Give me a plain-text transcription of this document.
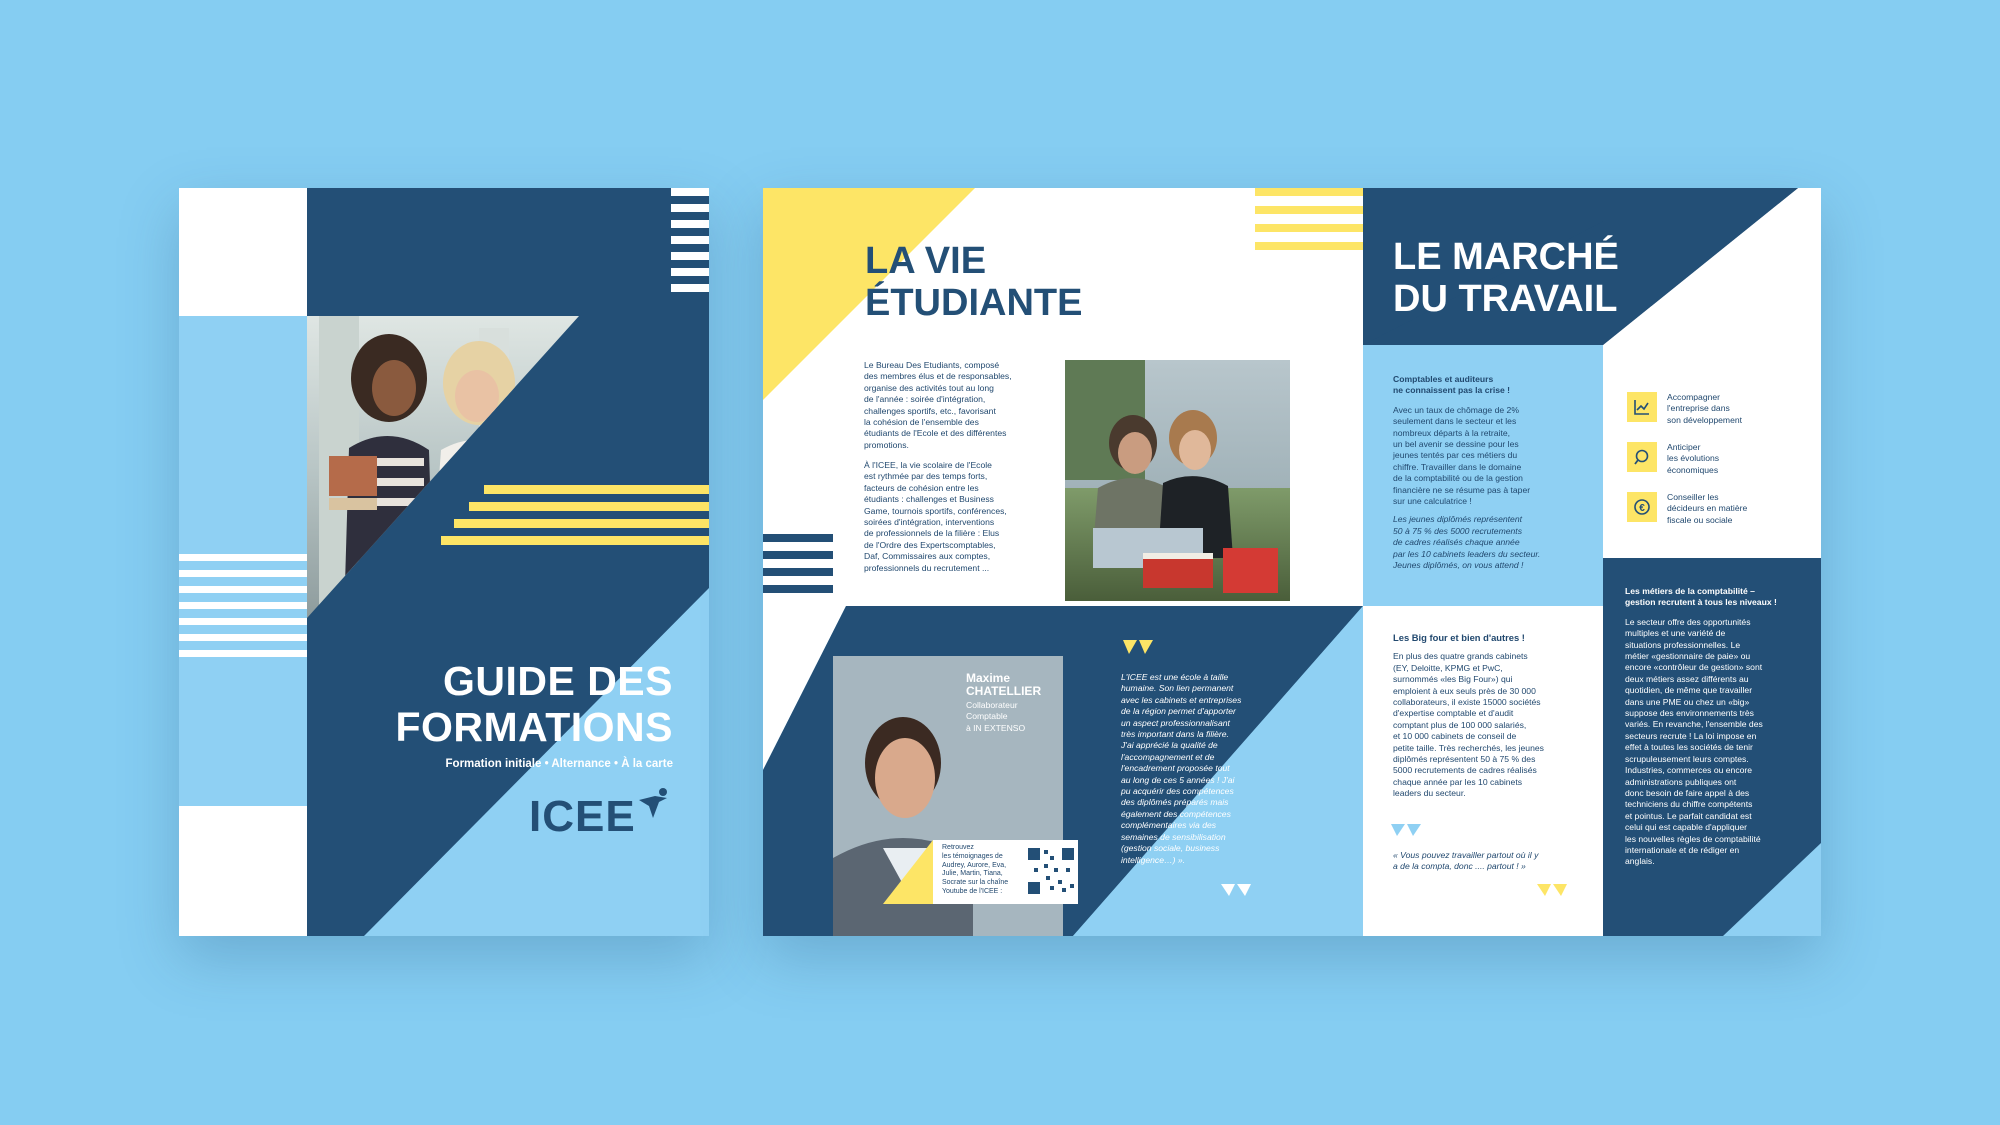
GUIDE DES
FORMATIONS
Formation initiale • Alternance • À la carte
ICEE
LA VIE
ÉTUDIANTE

Le Bureau Des Etudiants, composé

des membres élus et de responsables,

organise des activités tout au long

de l'année : soirée d'intégration,

challenges sportifs, etc., favorisant

la cohésion de l'ensemble des

étudiants de l'Ecole et des différentes

promotions.

À l'ICEE, la vie scolaire de l'Ecole

est rythmée par des temps forts,

facteurs de cohésion entre les

étudiants : challenges et Business

Game, tournois sportifs, conférences,

soirées d'intégration, interventions

de professionnels de la filière : Elus

de l'Ordre des Expertscomptables,

Daf, Commissaires aux comptes,

professionnels du recrutement ...

Maxime
CHATELLIER

Collaborateur

Comptable

à IN EXTENSO

Retrouvez

les témoignages de

Audrey, Aurore, Eva,

Julie, Martin, Tiana,

Socrate sur la chaîne

Youtube de l'ICEE :

L'ICEE est une école à taille

humaine. Son lien permanent

avec les cabinets et entreprises

de la région permet d'apporter

un aspect professionnalisant

très important dans la filière.

J'ai apprécié la qualité de

l'accompagnement et de

l'encadrement proposée tout

au long de ces 5 années ! J'ai

pu acquérir des compétences

des diplômés préparés mais

également des compétences

complémentaires via des

semaines de sensibilisation

(gestion sociale, business

intelligence…) ».

LE MARCHÉ
DU TRAVAIL

Comptables et auditeurs

ne connaissent pas la crise !

Avec un taux de chômage de 2%

seulement dans le secteur et les

nombreux départs à la retraite,

un bel avenir se dessine pour les

jeunes tentés par ces métiers du

chiffre. Travailler dans le domaine

de la comptabilité ou de la gestion

financière ne se résume pas à taper

sur une calculatrice !

Les jeunes diplômés représentent

50 à 75 % des 5000 recrutements

de cadres réalisés chaque année

par les 10 cabinets leaders du secteur.

Jeunes diplômés, on vous attend !

Accompagner

l'entreprise dans

son développement

Anticiper

les évolutions

économiques

€

Conseiller les

décideurs en matière

fiscale ou sociale

Les Big four et bien d'autres !

En plus des quatre grands cabinets

(EY, Deloitte, KPMG et PwC,

surnommés «les Big Four») qui

emploient à eux seuls près de 30 000

collaborateurs, il existe 15000 sociétés

d'expertise comptable et d'audit

comptant plus de 100 000 salariés,

et 10 000 cabinets de conseil de

petite taille. Très recherchés, les jeunes

diplômés représentent 50 à 75 % des

5000 recrutements de cadres réalisés

chaque année par les 10 cabinets

leaders du secteur.

« Vous pouvez travailler partout où il y

a de la compta, donc .... partout ! »

Les métiers de la comptabilité –

gestion recrutent à tous les niveaux !

Le secteur offre des opportunités

multiples et une variété de

situations professionnelles. Le

métier «gestionnaire de paie» ou

encore «contrôleur de gestion» sont

deux métiers assez différents au

quotidien, de même que travailler

dans une PME ou chez un «big»

suppose des environnements très

variés. En revanche, l'ensemble des

secteurs recrute ! La loi impose en

effet à toutes les sociétés de tenir

scrupuleusement leurs comptes.

Industries, commerces ou encore

administrations publiques ont

donc besoin de faire appel à des

techniciens du chiffre compétents

et pointus. Le parfait candidat est

celui qui est capable d'appliquer

les nouvelles règles de comptabilité

internationale et de rédiger en

anglais.
